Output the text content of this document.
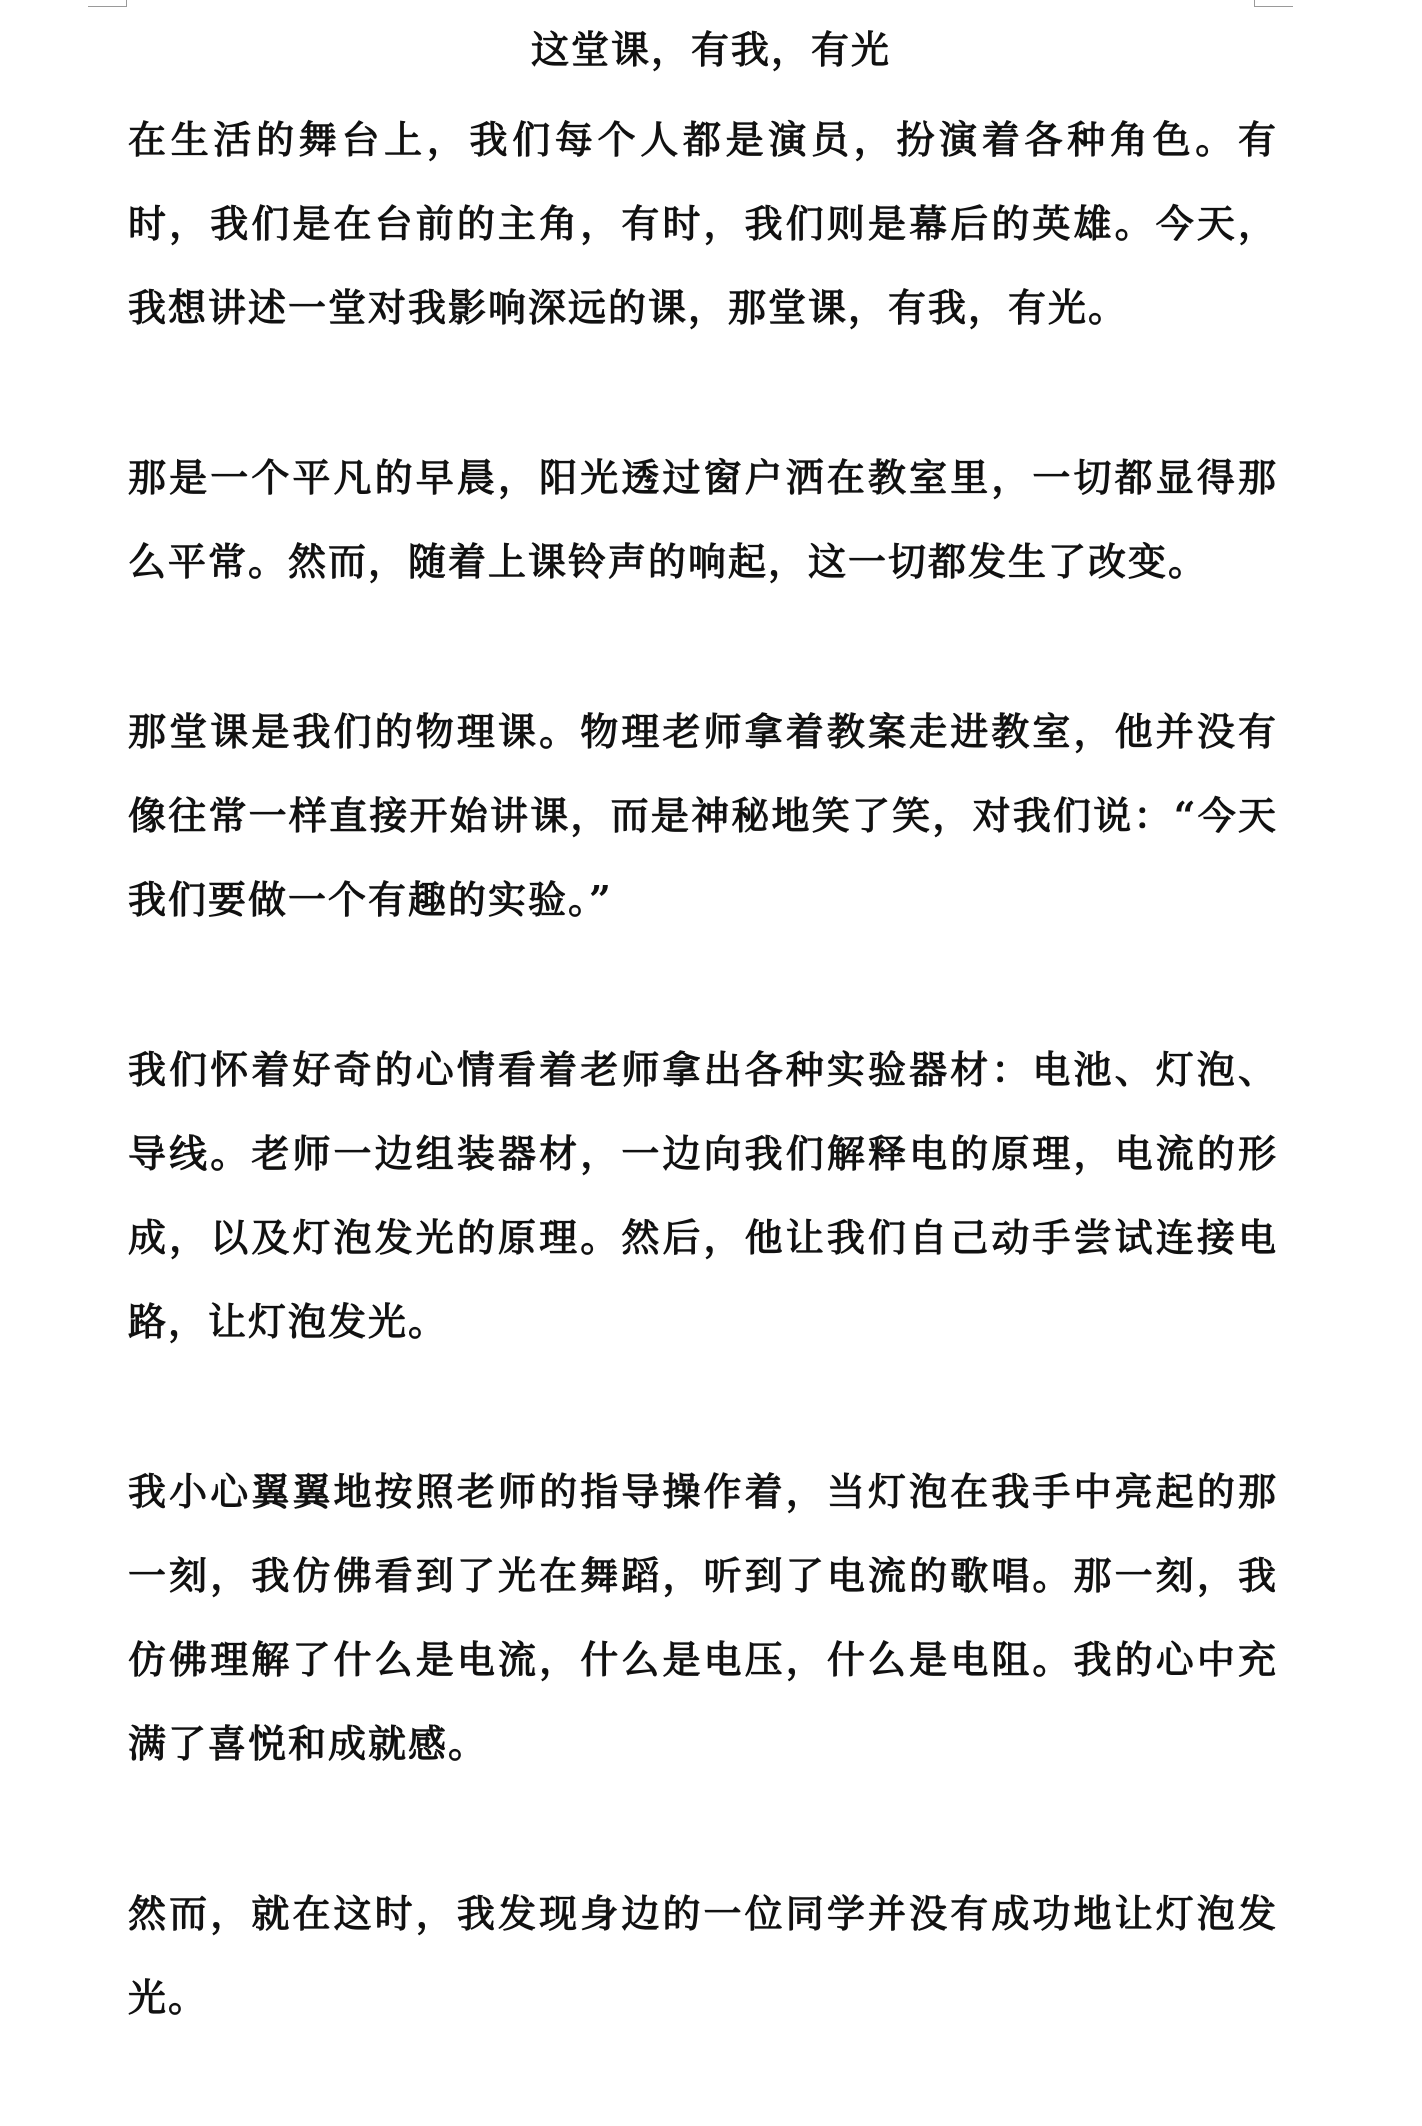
这堂课，有我，有光

在生活的舞台上，我们每个人都是演员，扮演着各种角色。有时，我们是在台前的主角，有时，我们则是幕后的英雄。今天，我想讲述一堂对我影响深远的课，那堂课，有我，有光。

那是一个平凡的早晨，阳光透过窗户洒在教室里，一切都显得那么平常。然而，随着上课铃声的响起，这一切都发生了改变。

那堂课是我们的物理课。物理老师拿着教案走进教室，他并没有像往常一样直接开始讲课，而是神秘地笑了笑，对我们说：“今天我们要做一个有趣的实验。”

我们怀着好奇的心情看着老师拿出各种实验器材：电池、灯泡、导线。老师一边组装器材，一边向我们解释电的原理，电流的形成，以及灯泡发光的原理。然后，他让我们自己动手尝试连接电路，让灯泡发光。

我小心翼翼地按照老师的指导操作着，当灯泡在我手中亮起的那一刻，我仿佛看到了光在舞蹈，听到了电流的歌唱。那一刻，我仿佛理解了什么是电流，什么是电压，什么是电阻。我的心中充满了喜悦和成就感。

然而，就在这时，我发现身边的一位同学并没有成功地让灯泡发光。
